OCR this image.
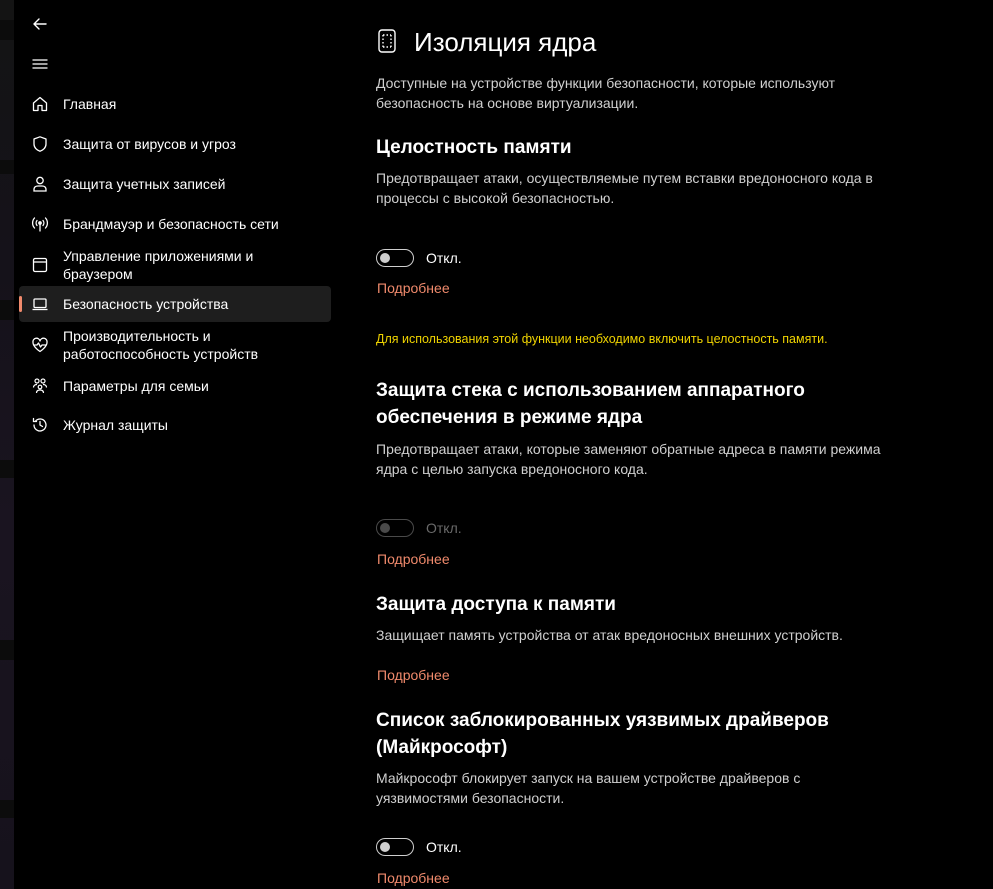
Главная
Защита от вирусов и угроз
Защита учетных записей
Брандмауэр и безопасность сети
Управление приложениями и браузером
Безопасность устройства
Производительность и работоспособность устройств
Параметры для семьи
Журнал защиты
Изоляция ядра
Доступные на устройстве функции безопасности, которые используют безопасность на основе виртуализации.
Целостность памяти
Предотвращает атаки, осуществляемые путем вставки вредоносного кода в процессы с высокой безопасностью.
Откл.
Подробнее
Для использования этой функции необходимо включить целостность памяти.
Защита стека с использованием аппаратного обеспечения в режиме ядра
Предотвращает атаки, которые заменяют обратные адреса в памяти режима ядра с целью запуска вредоносного кода.
Откл.
Подробнее
Защита доступа к памяти
Защищает память устройства от атак вредоносных внешних устройств.
Подробнее
Список заблокированных уязвимых драйверов (Майкрософт)
Майкрософт блокирует запуск на вашем устройстве драйверов с уязвимостями безопасности.
Откл.
Подробнее
